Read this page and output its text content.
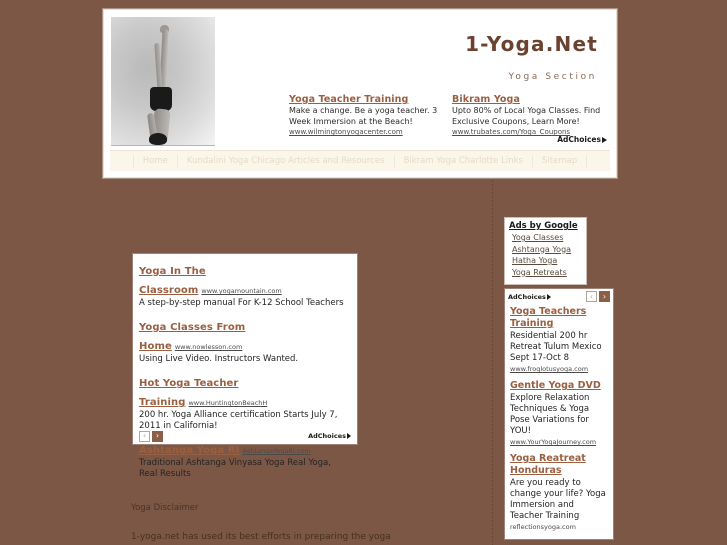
1-Yoga.Net
Yoga Section
Yoga Teacher Training
Make a change. Be a yoga teacher. 3 Week Immersion at the Beach!
www.wilmingtonyogacenter.com
Bikram Yoga
Upto 80% of Local Yoga Classes. Find Exclusive Coupons, Learn More!
www.trubates.com/Yoga_Coupons
AdChoices
Home	Kundalini Yoga Chicago Articles and Resources	Bikram Yoga Charlotte Links	Sitemap
Yoga In The Classroom www.yogamountain.com
A step-by-step manual For K-12 School Teachers
Yoga Classes From Home www.nowlesson.com
Using Live Video. Instructors Wanted.
Hot Yoga Teacher Training www.HuntingtonBeachH
200 hr. Yoga Alliance certification Starts July 7, 2011 in California!
Ashtanga Yoga RI AshtangaYogaRI.com
Traditional Ashtanga Vinyasa Yoga Real Yoga, Real Results
‹	›	AdChoices
Ads by Google
Yoga Classes
Ashtanga Yoga
Hatha Yoga
Yoga Retreats
AdChoices	‹	›
Yoga Teachers Training
Residential 200 hr Retreat Tulum Mexico Sept 17-Oct 8
www.froglotusyoga.com
Gentle Yoga DVD
Explore Relaxation Techniques & Yoga Pose Variations for YOU!
www.YourYogaJourney.com
Yoga Reatreat Honduras
Are you ready to change your life? Yoga Immersion and Teacher Training
reflectionsyoga.com
Yoga Disclaimer
1-yoga.net has used its best efforts in preparing the yoga
